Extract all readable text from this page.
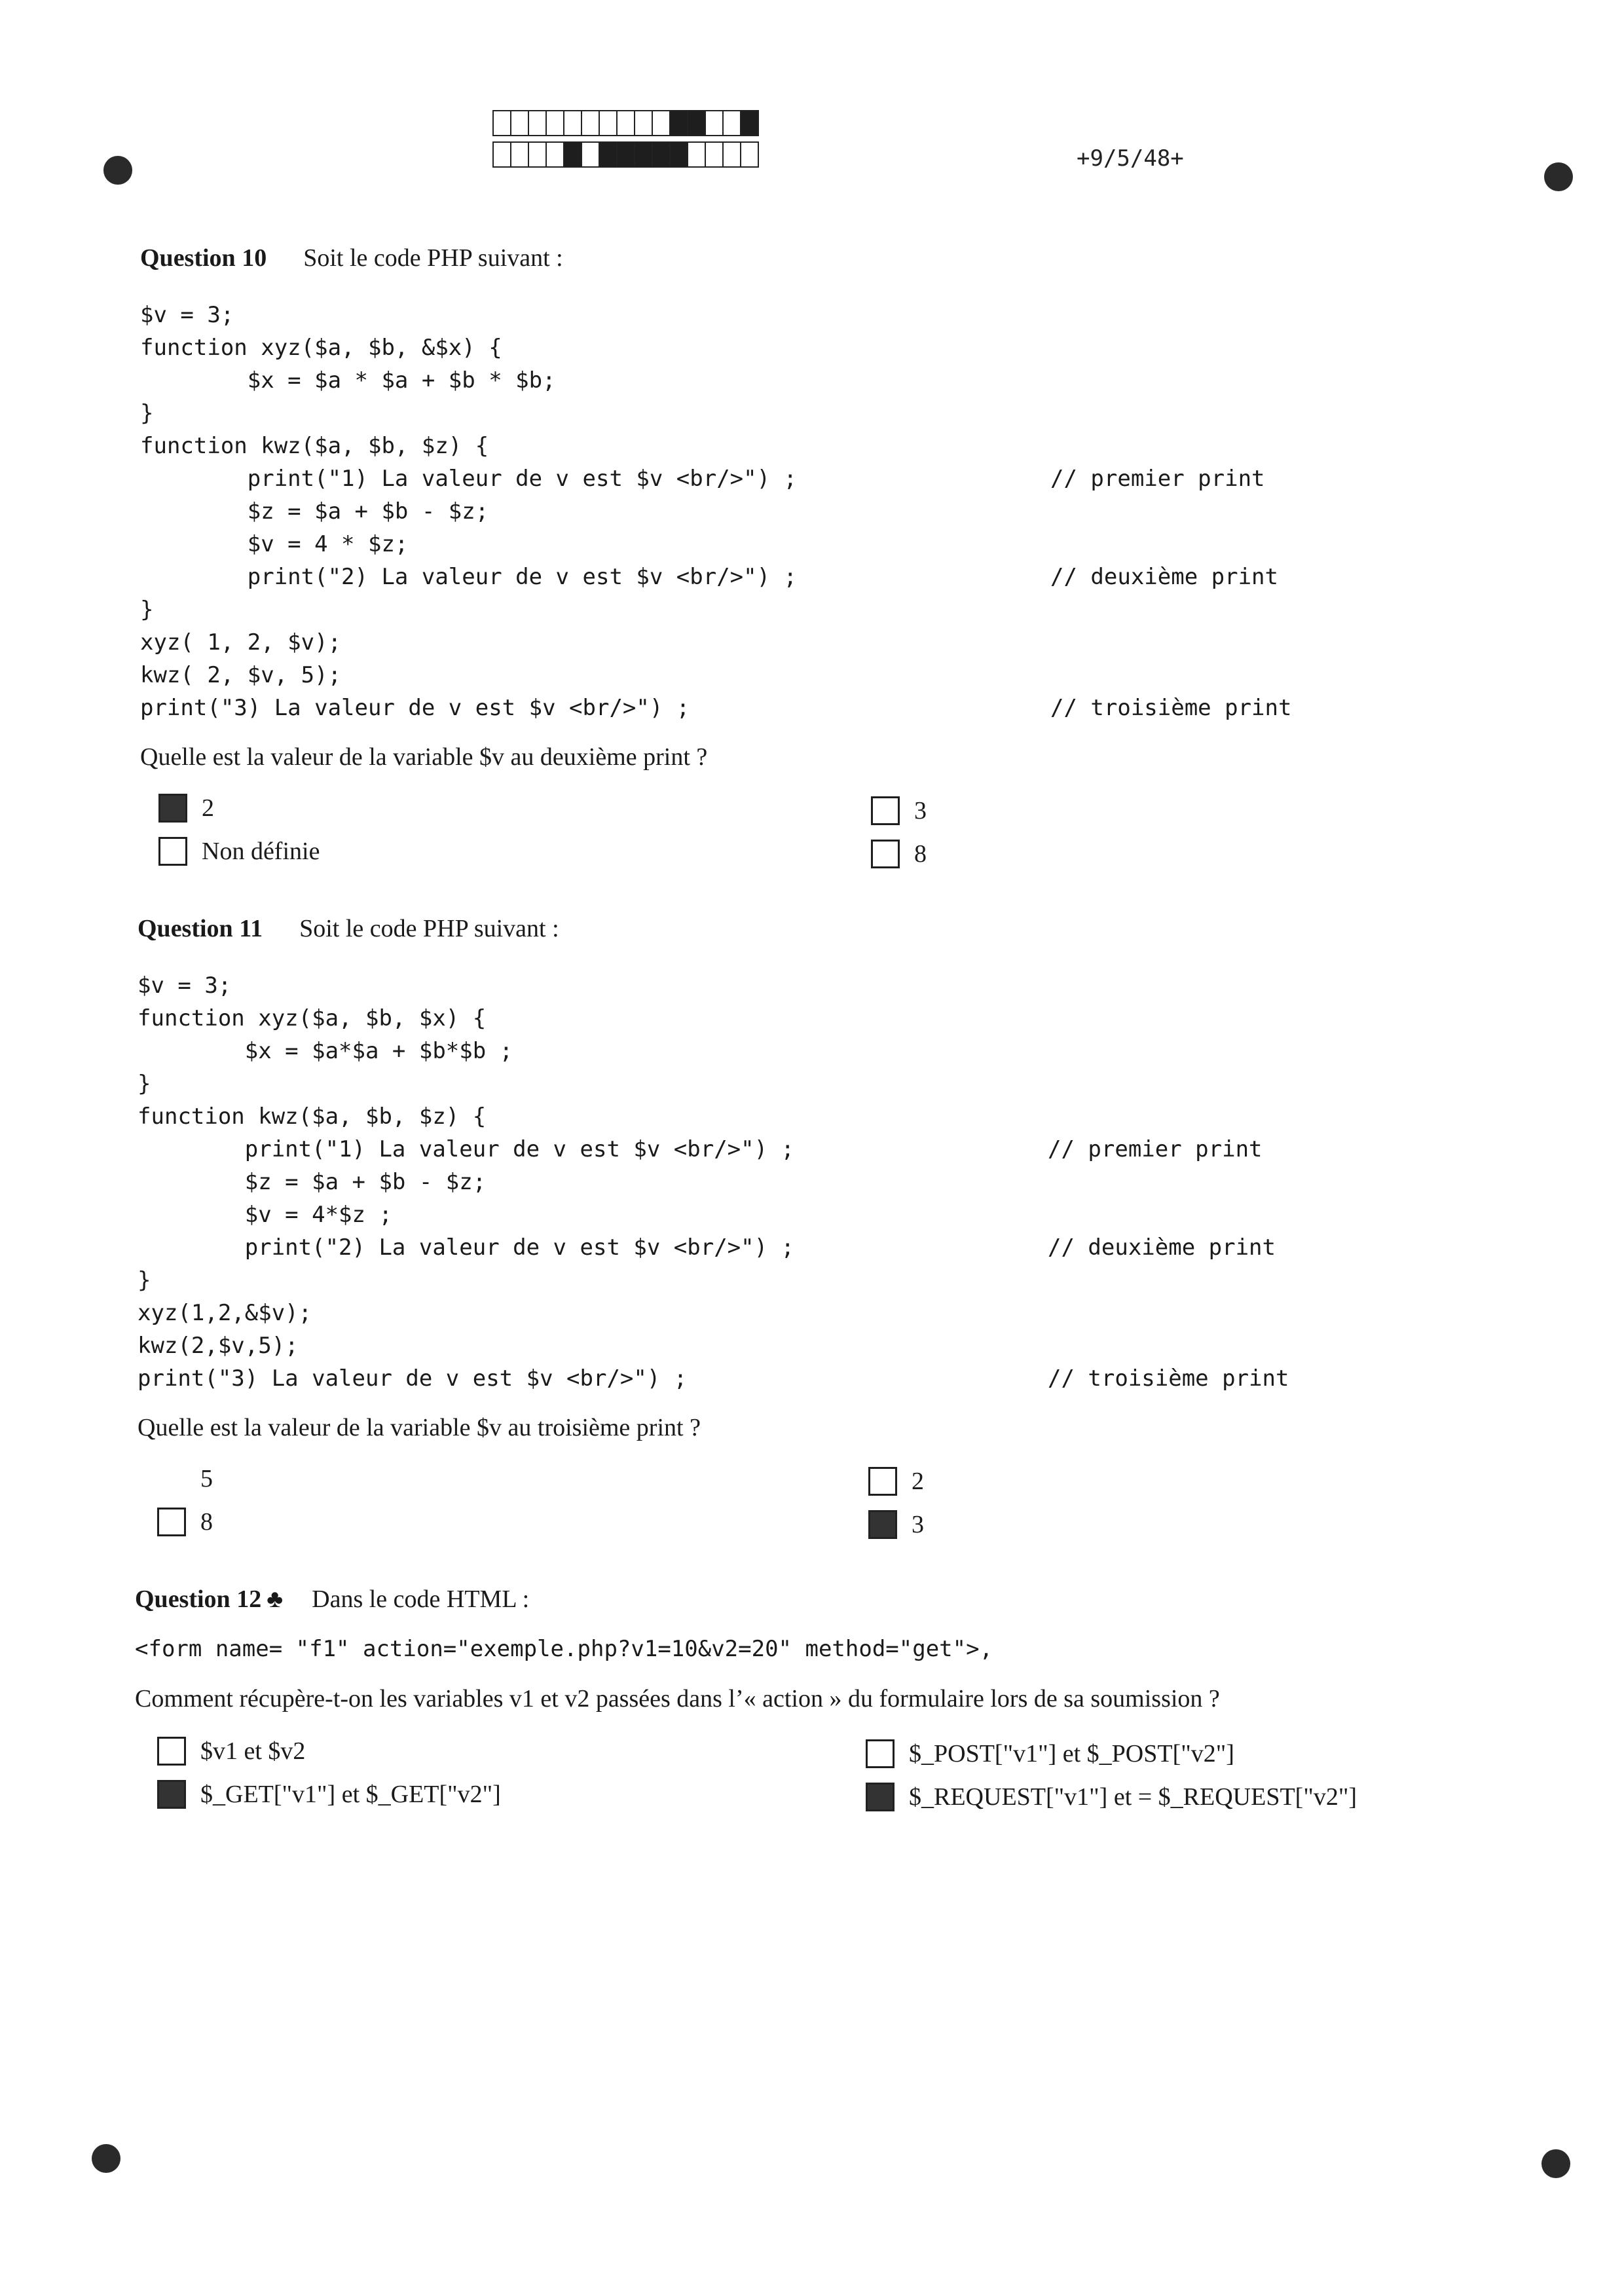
+9/5/48+
Question 10 Soit le code PHP suivant :
$v = 3;
function xyz($a, $b, &$x) {
$x = $a * $a + $b * $b;
}
function kwz($a, $b, $z) {
print("1) La valeur de v est $v <br/>") ;	// premier print
$z = $a + $b - $z;
$v = 4 * $z;
print("2) La valeur de v est $v <br/>") ;	// deuxième print
}
xyz( 1, 2, $v);
kwz( 2, $v, 5);
print("3) La valeur de v est $v <br/>") ;	// troisième print
Quelle est la valeur de la variable $v au deuxième print ?
2
Non définie
3
8
Question 11 Soit le code PHP suivant :
$v = 3;
function xyz($a, $b, $x) {
$x = $a*$a + $b*$b ;
}
function kwz($a, $b, $z) {
print("1) La valeur de v est $v <br/>") ;	// premier print
$z = $a + $b - $z;
$v = 4*$z ;
print("2) La valeur de v est $v <br/>") ;	// deuxième print
}
xyz(1,2,&$v);
kwz(2,$v,5);
print("3) La valeur de v est $v <br/>") ;	// troisième print
Quelle est la valeur de la variable $v au troisième print ?
5
8
2
3
Question 12 ♣ Dans le code HTML :
<form name= "f1" action="exemple.php?v1=10&v2=20" method="get">,
Comment récupère-t-on les variables v1 et v2 passées dans l’« action » du formulaire lors de sa soumission ?
$v1 et $v2
$_GET["v1"] et $_GET["v2"]
$_POST["v1"] et $_POST["v2"]
$_REQUEST["v1"] et = $_REQUEST["v2"]
